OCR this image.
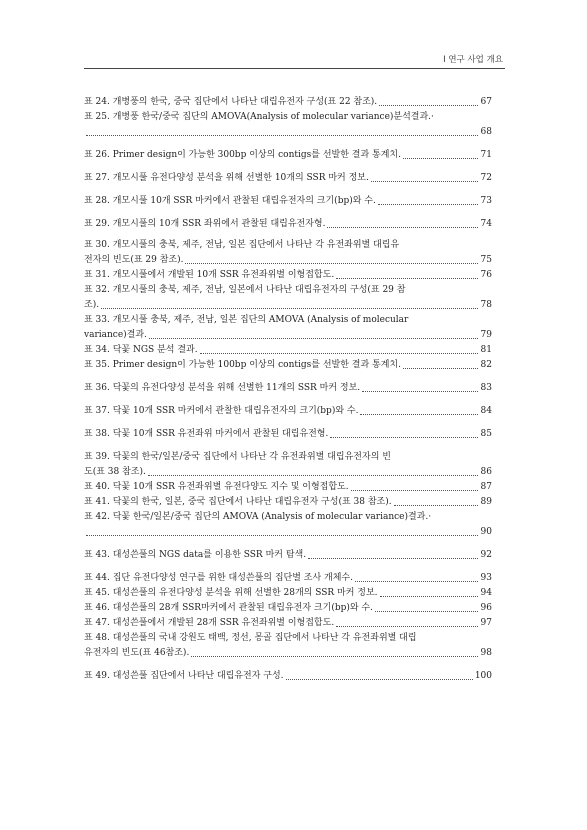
Ⅰ 연구 사업 개요
표 24. 개병풍의 한국, 중국 집단에서 나타난 대립유전자 구성(표 22 참조).	67
표 25. 개병풍 한국/중국 집단의 AMOVA(Analysis of molecular variance)분석결과.·
68
표 26. Primer design이 가능한 300bp 이상의 contigs를 선발한 결과 통계치.	71
표 27. 개모시풀 유전다양성 분석을 위해 선별한 10개의 SSR 마커 정보.	72
표 28. 개모시풀 10개 SSR 마커에서 관찰된 대립유전자의 크기(bp)와 수.	73
표 29. 개모시풀의 10개 SSR 좌위에서 관찰된 대립유전자형.	74
표 30. 개모시풀의 충북, 제주, 전남, 일본 집단에서 나타난 각 유전좌위별 대립유
전자의 빈도(표 29 참조).	75
표 31. 개모시풀에서 개발된 10개 SSR 유전좌위별 이형접합도.	76
표 32. 개모시풀의 충북, 제주, 전남, 일본에서 나타난 대립유전자의 구성(표 29 참
조).	78
표 33. 개모시풀 충북, 제주, 전남, 일본 집단의 AMOVA (Analysis of molecular
variance)결과.	79
표 34. 닥꽃 NGS 분석 결과.	81
표 35. Primer design이 가능한 100bp 이상의 contigs를 선발한 결과 통계치.	82
표 36. 닥꽃의 유전다양성 분석을 위해 선별한 11개의 SSR 마커 정보.	83
표 37. 닥꽃 10개 SSR 마커에서 관찰한 대립유전자의 크기(bp)와 수.	84
표 38. 닥꽃 10개 SSR 유전좌위 마커에서 관찰된 대립유전형.	85
표 39. 닥꽃의 한국/일본/중국 집단에서 나타난 각 유전좌위별 대립유전자의 빈
도(표 38 참조).	86
표 40. 닥꽃 10개 SSR 유전좌위별 유전다양도 지수 및 이형접합도.	87
표 41. 닥꽃의 한국, 일본, 중국 집단에서 나타난 대립유전자 구성(표 38 참조).	89
표 42. 닥꽃 한국/일본/중국 집단의 AMOVA (Analysis of molecular variance)결과.·
90
표 43. 대성쓴풀의 NGS data를 이용한 SSR 마커 탐색.	92
표 44. 집단 유전다양성 연구를 위한 대성쓴풀의 집단별 조사 개체수.	93
표 45. 대성쓴풀의 유전다양성 분석을 위해 선별한 28개의 SSR 마커 정보.	94
표 46. 대성쓴풀의 28개 SSR마커에서 관찰된 대립유전자 크기(bp)와 수.	96
표 47. 대성쓴풀에서 개발된 28개 SSR 유전좌위별 이형접합도.	97
표 48. 대성쓴풀의 국내 강원도 태백, 정선, 몽골 집단에서 나타난 각 유전좌위별 대립
유전자의 빈도(표 46참조).	98
표 49. 대성쓴풀 집단에서 나타난 대립유전자 구성.	100
